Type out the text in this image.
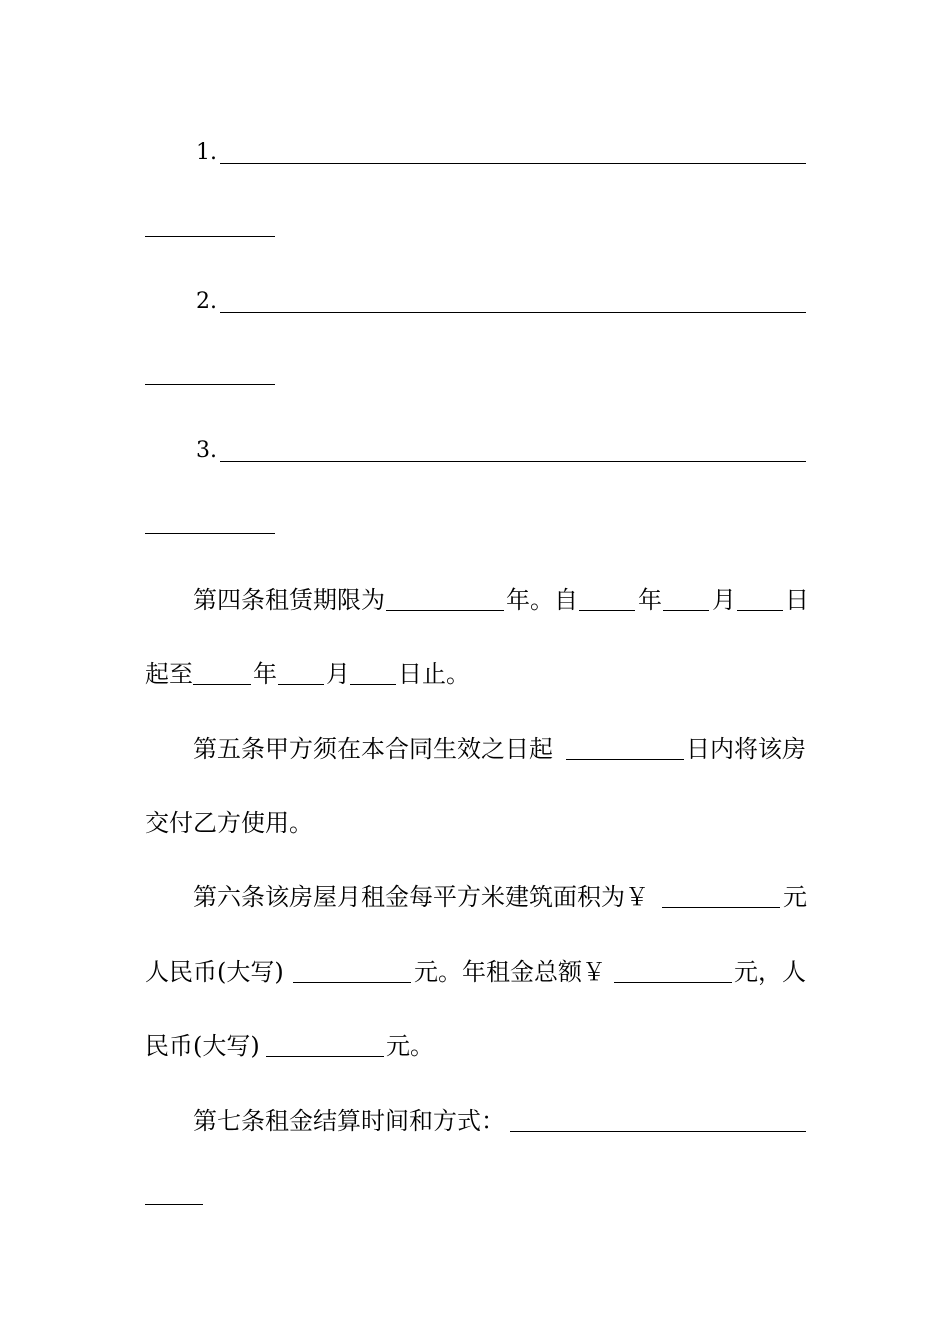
1.
2.
3.
第四条租赁期限为	年。自	年 月 日
起至	年 月 日止。
第五条甲方须在本合同生效之日起	日内将该房
交付乙方使用。
第六条该房屋月租金每平方米建筑面积为￥	元
人民币(大写)	元。年租金总额￥	元，人
民币(大写)	元。
第七条租金结算时间和方式：
